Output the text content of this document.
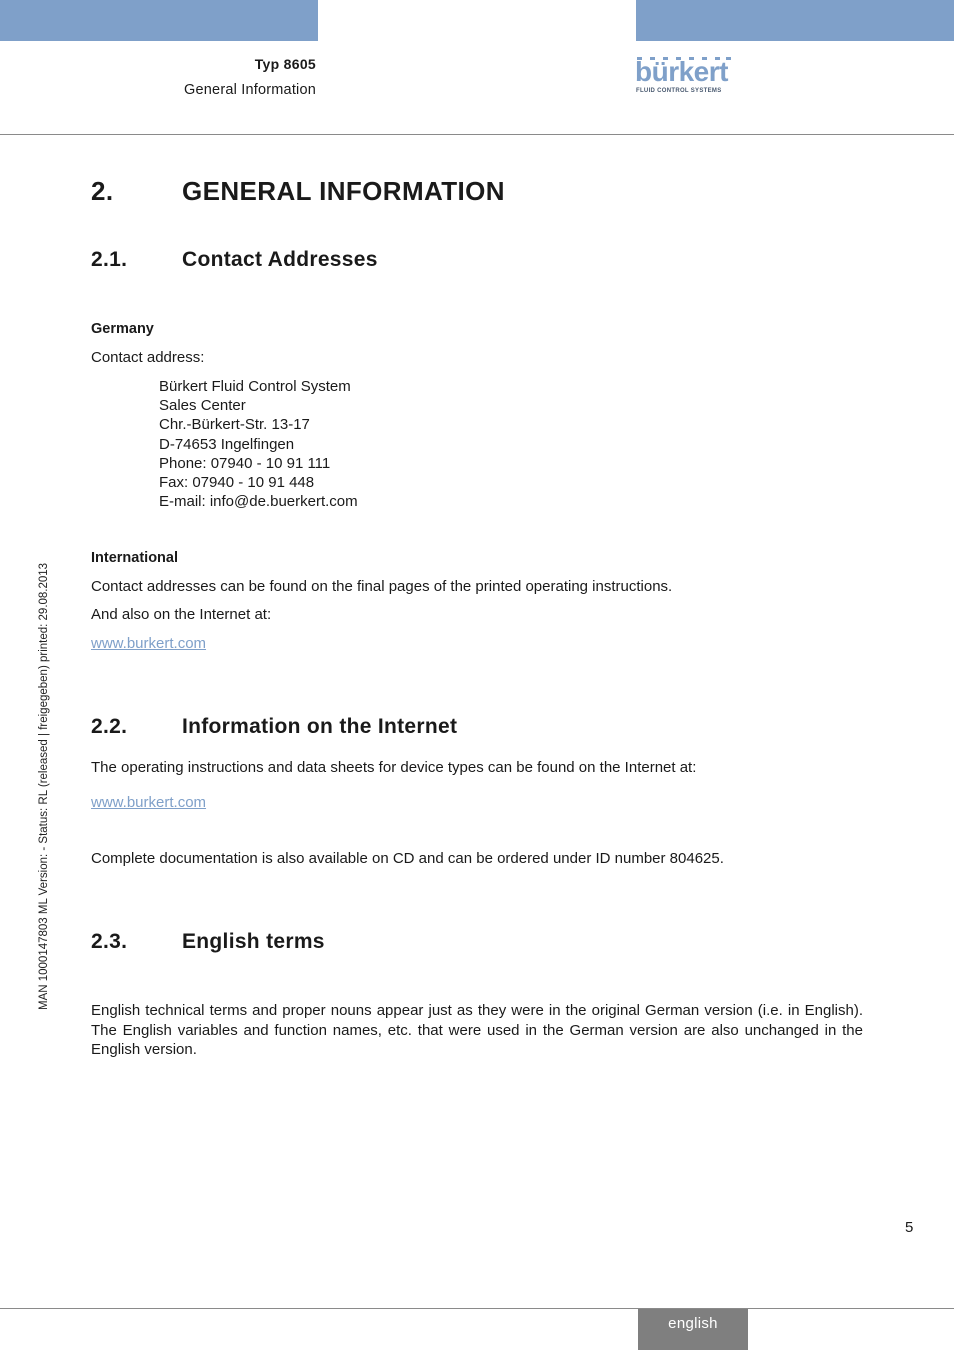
Typ 8605
General Information
bürkert
FLUID CONTROL SYSTEMS
2.	GENERAL INFORMATION
2.1.	Contact Addresses
Germany
Contact address:
Bürkert Fluid Control System
Sales Center
Chr.-Bürkert-Str. 13-17
D-74653 Ingelfingen
Phone: 07940 - 10 91 111
Fax: 07940 - 10 91 448
E-mail: info@de.buerkert.com
International
Contact addresses can be found on the final pages of the printed operating instructions.
And also on the Internet at:
www.burkert.com
2.2.	Information on the Internet
The operating instructions and data sheets for device types can be found on the Internet at:
www.burkert.com
Complete documentation is also available on CD and can be ordered under ID number 804625.
2.3.	English terms
English technical terms and proper nouns appear just as they were in the original German version (i.e. in English). The English variables and function names, etc. that were used in the German version are also unchanged in the English version.
MAN 1000147803 ML Version: - Status: RL (released | freigegeben) printed: 29.08.2013
5
english
